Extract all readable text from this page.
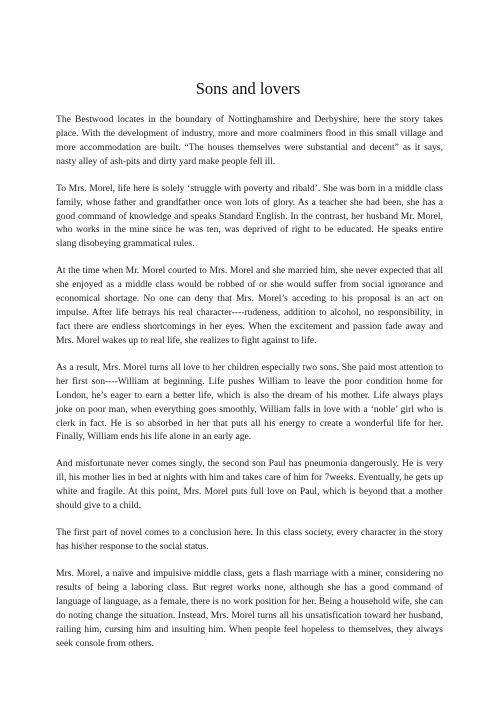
Sons and lovers

The Bestwood locates in the boundary of Nottinghamshire and Derbyshire, here the story takes place. With the development of industry, more and more coalminers flood in this small village and more accommodation are built. “The houses themselves were substantial and decent” as it says, nasty alley of ash-pits and dirty yard make people fell ill.

To Mrs. Morel, life here is solely ‘struggle with poverty and ribald’. She was born in a middle class family, whose father and grandfather once won lots of glory. As a teacher she had been, she has a good command of knowledge and speaks Standard English. In the contrast, her husband Mr. Morel, who works in the mine since he was ten, was deprived of right to be educated. He speaks entire slang disobeying grammatical rules.

At the time when Mr. Morel courted to Mrs. Morel and she married him, she never expected that all she enjoyed as a middle class would be robbed of or she would suffer from social ignorance and economical shortage. No one can deny that Mrs. Morel’s acceding to his proposal is an act on impulse. After life betrays his real character----rudeness, addition to alcohol, no responsibility, in fact there are endless shortcomings in her eyes. When the excitement and passion fade away and Mrs. Morel wakes up to real life, she realizes to fight against to life.

As a result, Mrs. Morel turns all love to her children especially two sons. She paid most attention to her first son----William at beginning. Life pushes William to leave the poor condition home for London, he’s eager to earn a better life, which is also the dream of his mother. Life always plays joke on poor man, when everything goes smoothly, William falls in love with a ‘noble’ girl who is clerk in fact. He is so absorbed in her that puts all his energy to create a wonderful life for her. Finally, William ends his life alone in an early age.

And misfortunate never comes singly, the second son Paul has pneumonia dangerously. He is very ill, his mother lies in bed at nights with him and takes care of him for 7weeks. Eventually, he gets up white and fragile. At this point, Mrs. Morel puts full love on Paul, which is beyond that a mother should give to a child.

The first part of novel comes to a conclusion here. In this class society, every character in the story has his\her response to the social status.

Mrs. Morel, a naïve and impulsive middle class, gets a flash marriage with a miner, considering no results of being a laboring class. But regret works none, although she has a good command of language of language, as a female, there is no work position for her. Being a household wife, she can do noting change the situation. Instead, Mrs. Morel turns all his unsatisfication toward her husband, railing him, cursing him and insulting him. When people feel hopeless to themselves, they always seek console from others.
